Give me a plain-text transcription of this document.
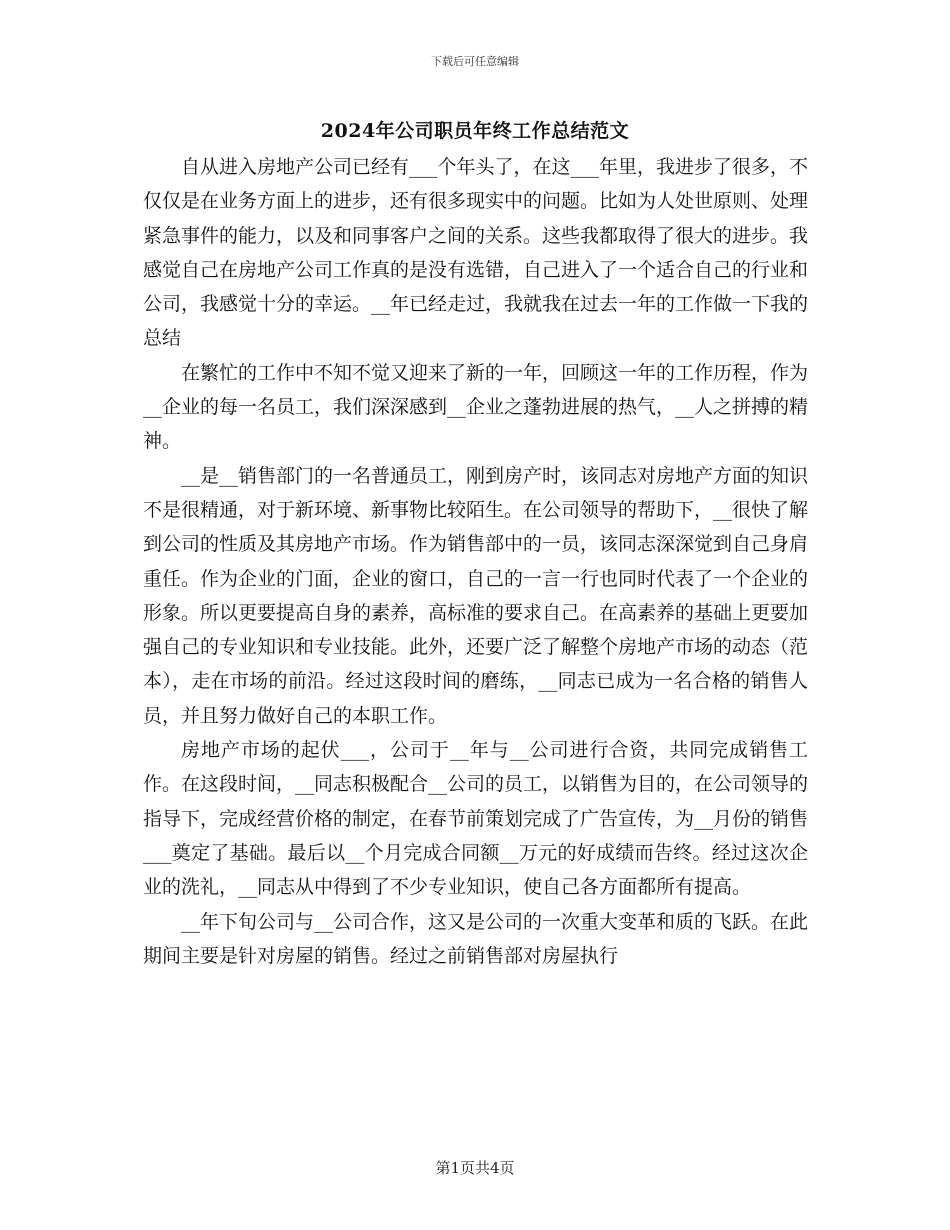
下载后可任意编辑
2024年公司职员年终工作总结范文

自从进入房地产公司已经有___个年头了，在这___年里，我进步了很多，不仅仅是在业务方面上的进步，还有很多现实中的问题。比如为人处世原则、处理紧急事件的能力，以及和同事客户之间的关系。这些我都取得了很大的进步。我感觉自己在房地产公司工作真的是没有选错，自己进入了一个适合自己的行业和公司，我感觉十分的幸运。__年已经走过，我就我在过去一年的工作做一下我的总结

在繁忙的工作中不知不觉又迎来了新的一年，回顾这一年的工作历程，作为__企业的每一名员工，我们深深感到__企业之蓬勃进展的热气，__人之拼搏的精神。

__是__销售部门的一名普通员工，刚到房产时，该同志对房地产方面的知识不是很精通，对于新环境、新事物比较陌生。在公司领导的帮助下，__很快了解到公司的性质及其房地产市场。作为销售部中的一员，该同志深深觉到自己身肩重任。作为企业的门面，企业的窗口，自己的一言一行也同时代表了一个企业的形象。所以更要提高自身的素养，高标准的要求自己。在高素养的基础上更要加强自己的专业知识和专业技能。此外，还要广泛了解整个房地产市场的动态（范本），走在市场的前沿。经过这段时间的磨练，__同志已成为一名合格的销售人员，并且努力做好自己的本职工作。

房地产市场的起伏___，公司于__年与__公司进行合资，共同完成销售工作。在这段时间，__同志积极配合__公司的员工，以销售为目的，在公司领导的指导下，完成经营价格的制定，在春节前策划完成了广告宣传，为__月份的销售___奠定了基础。最后以__个月完成合同额__万元的好成绩而告终。经过这次企业的洗礼，__同志从中得到了不少专业知识，使自己各方面都所有提高。

__年下旬公司与__公司合作，这又是公司的一次重大变革和质的飞跃。在此期间主要是针对房屋的销售。经过之前销售部对房屋执行

第1页共4页
